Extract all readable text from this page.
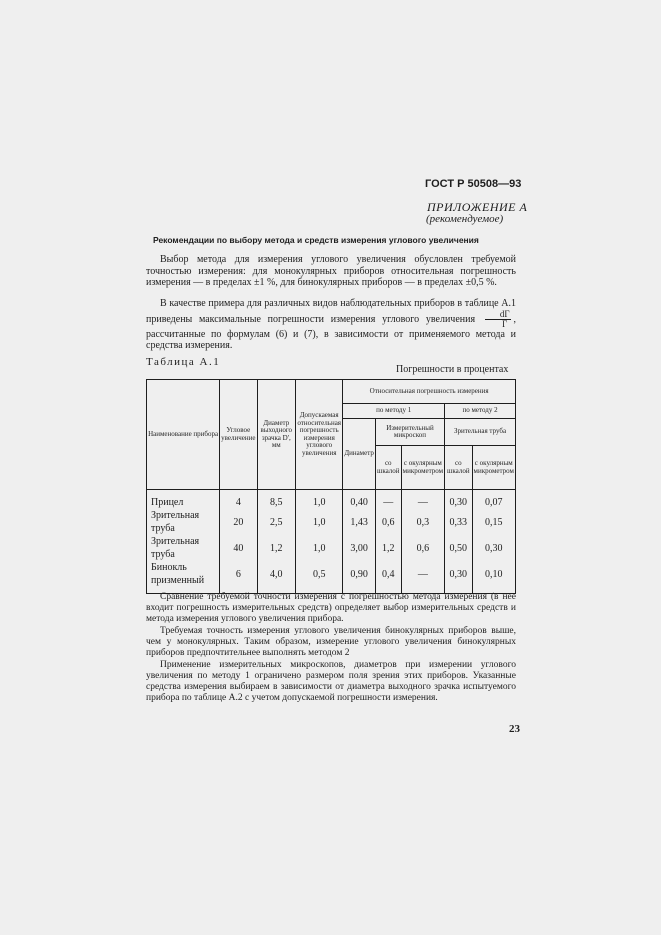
ГОСТ Р 50508—93
ПРИЛОЖЕНИЕ А
(рекомендуемое)
Рекомендации по выбору метода и средств измерения углового увеличения
Выбор метода для измерения углового увеличения обусловлен требуемой точностью измерения: для монокулярных приборов относительная погрешность измерения — в пределах ±1 %, для бинокулярных приборов — в пределах ±0,5 %.
В качестве примера для различных видов наблюдательных приборов в таблице А.1 приведены максимальные погрешности измерения углового увеличения $\frac{d\Gamma}{\Gamma}$ , рассчитанные по формулам (6) и (7), в зависимости от применяемого метода и средства измерения.
Таблица А.1
Погрешности в процентах
Наименование прибора	Угловое увеличение	Диаметр выходного зрачка D', мм	Допускаемая относительная погрешность измерения углового увеличения	Относительная погрешность измерения				
				по методу 1			по методу 2	
				Динаметр	Измерительный микроскоп		Зрительная труба	
					со шкалой	с окулярным микрометром	со шкалой	с окулярным микрометром
Прицел	4	8,5	1,0	0,40	—	—	0,30	0,07
Зрительная труба	20	2,5	1,0	1,43	0,6	0,3	0,33	0,15
Зрительная труба	40	1,2	1,0	3,00	1,2	0,6	0,50	0,30
Бинокль призменный	6	4,0	0,5	0,90	0,4	—	0,30	0,10
Сравнение требуемой точности измерения с погрешностью метода измерения (в нее входит погрешность измерительных средств) определяет выбор измерительных средств и метода измерения углового увеличения прибора.
Требуемая точность измерения углового увеличения бинокулярных приборов выше, чем у монокулярных. Таким образом, измерение углового увеличения бинокулярных приборов предпочтительнее выполнять методом 2
Применение измерительных микроскопов, диаметров при измерении углового увеличения по методу 1 ограничено размером поля зрения этих приборов. Указанные средства измерения выбираем в зависимости от диаметра выходного зрачка испытуемого прибора по таблице А.2 с учетом допускаемой погрешности измерения.
23
